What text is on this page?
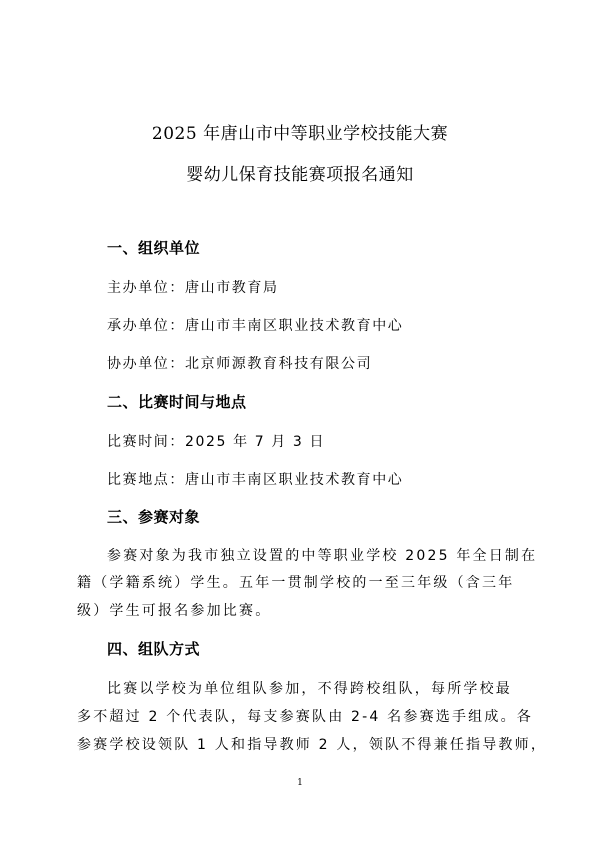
2025 年唐山市中等职业学校技能大赛
婴幼儿保育技能赛项报名通知
一、组织单位
主办单位：唐山市教育局
承办单位：唐山市丰南区职业技术教育中心
协办单位：北京师源教育科技有限公司
二、比赛时间与地点
比赛时间：2025 年 7 月 3 日
比赛地点：唐山市丰南区职业技术教育中心
三、参赛对象
参赛对象为我市独立设置的中等职业学校 2025 年全日制在
籍（学籍系统）学生。五年一贯制学校的一至三年级（含三年
级）学生可报名参加比赛。
四、组队方式
比赛以学校为单位组队参加，不得跨校组队，每所学校最
多不超过 2 个代表队，每支参赛队由 2-4 名参赛选手组成。各
参赛学校设领队 1 人和指导教师 2 人，领队不得兼任指导教师，
1
